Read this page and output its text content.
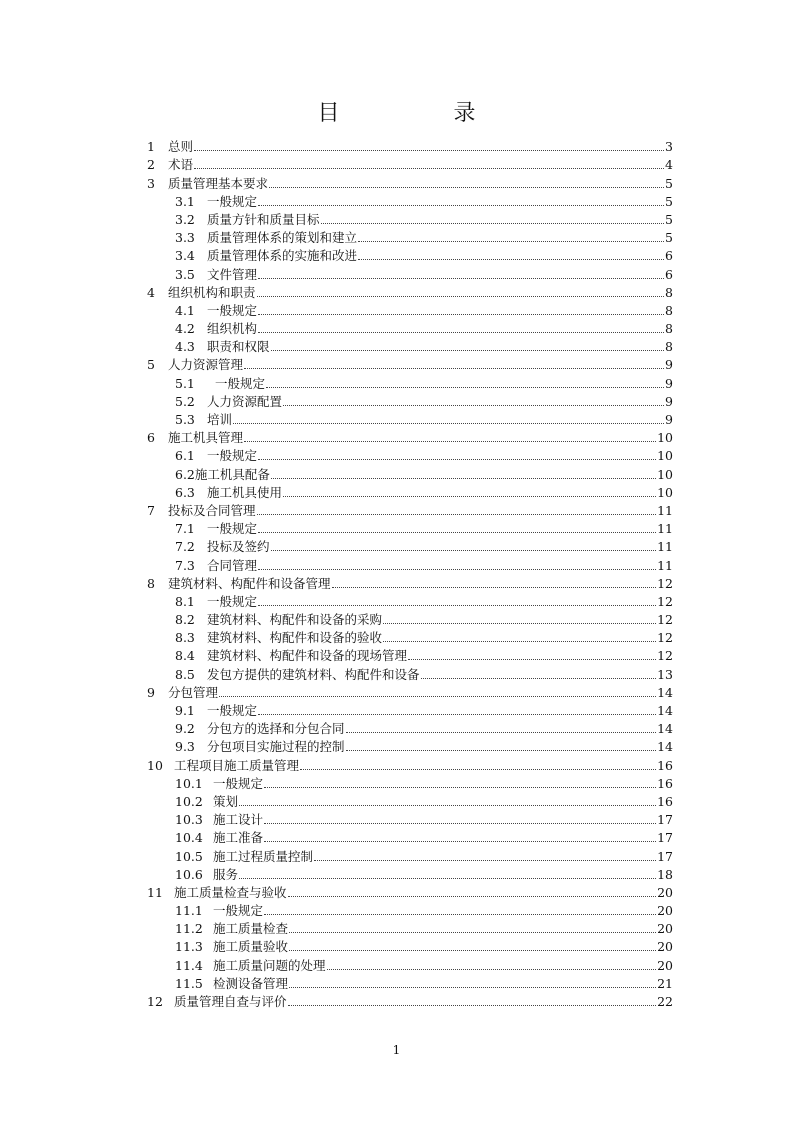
目　录
1	总则	3
2	术语	4
3	质量管理基本要求	5
3.1 一般规定	5
3.2 质量方针和质量目标	5
3.3 质量管理体系的策划和建立	5
3.4 质量管理体系的实施和改进	6
3.5 文件管理	6
4	组织机构和职责	8
4.1 一般规定	8
4.2 组织机构	8
4.3 职责和权限	8
5	人力资源管理	9
5.1 一般规定	9
5.2 人力资源配置	9
5.3 培训	9
6	施工机具管理	10
6.1 一般规定	10
6.2 施工机具配备	10
6.3 施工机具使用	10
7	投标及合同管理	11
7.1 一般规定	11
7.2 投标及签约	11
7.3 合同管理	11
8	建筑材料、构配件和设备管理	12
8.1 一般规定	12
8.2 建筑材料、构配件和设备的采购	12
8.3 建筑材料、构配件和设备的验收	12
8.4 建筑材料、构配件和设备的现场管理	12
8.5 发包方提供的建筑材料、构配件和设备	13
9	分包管理	14
9.1 一般规定	14
9.2 分包方的选择和分包合同	14
9.3 分包项目实施过程的控制	14
10 工程项目施工质量管理	16
10.1 一般规定	16
10.2 策划	16
10.3 施工设计	17
10.4 施工准备	17
10.5 施工过程质量控制	17
10.6 服务	18
11 施工质量检查与验收	20
11.1 一般规定	20
11.2 施工质量检查	20
11.3 施工质量验收	20
11.4 施工质量问题的处理	20
11.5 检测设备管理	21
12 质量管理自查与评价	22
1
